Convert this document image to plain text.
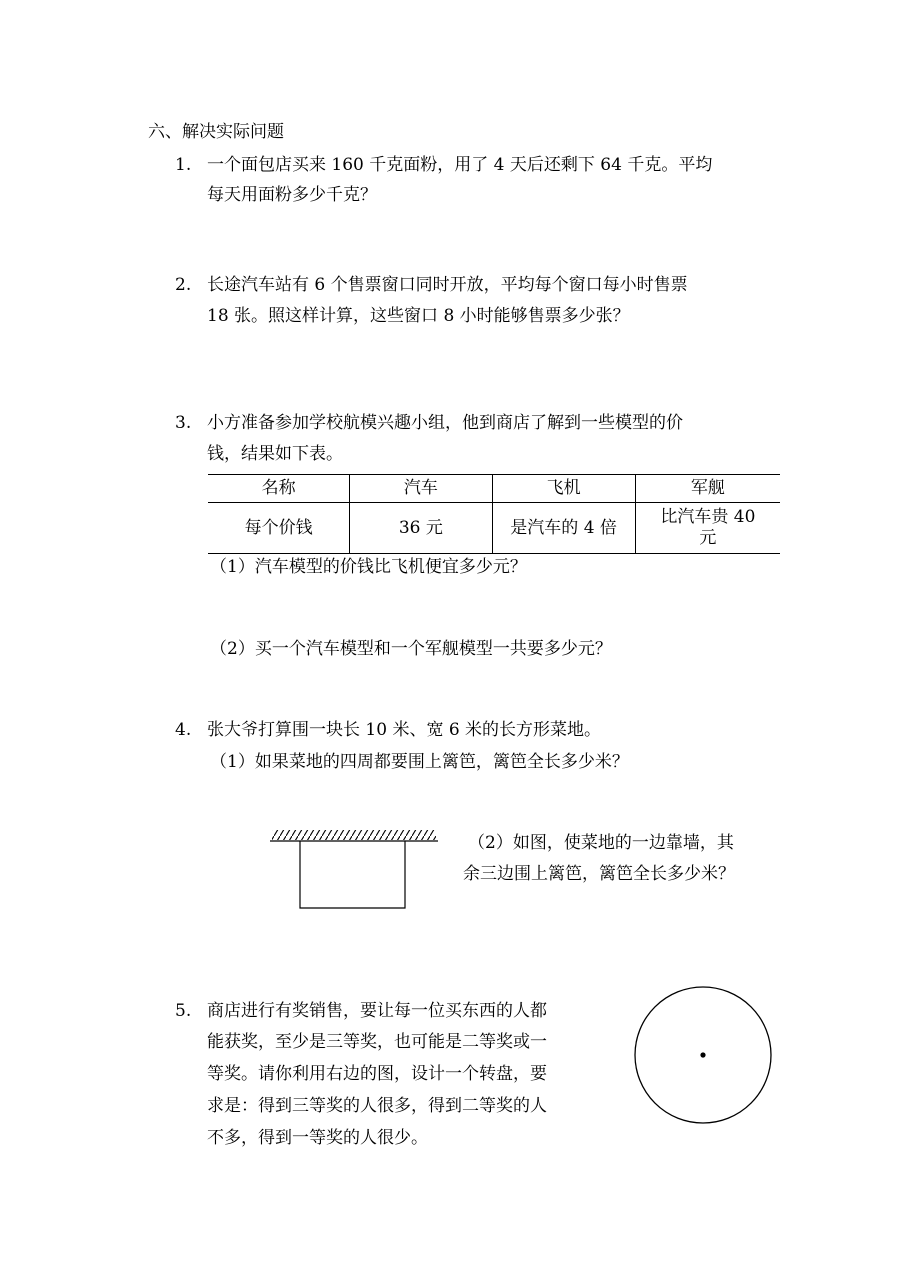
六、解决实际问题
1. 一个面包店买来 160 千克面粉，用了 4 天后还剩下 64 千克。平均
每天用面粉多少千克？
2. 长途汽车站有 6 个售票窗口同时开放，平均每个窗口每小时售票
18 张。照这样计算，这些窗口 8 小时能够售票多少张？
3. 小方准备参加学校航模兴趣小组，他到商店了解到一些模型的价
钱，结果如下表。
名称	汽车	飞机	军舰
每个价钱	36 元	是汽车的 4 倍	比汽车贵 40
元
（1）汽车模型的价钱比飞机便宜多少元？
（2）买一个汽车模型和一个军舰模型一共要多少元？
4. 张大爷打算围一块长 10 米、宽 6 米的长方形菜地。
（1）如果菜地的四周都要围上篱笆，篱笆全长多少米？
（2）如图，使菜地的一边靠墙，其
余三边围上篱笆，篱笆全长多少米？
5. 商店进行有奖销售，要让每一位买东西的人都
能获奖，至少是三等奖，也可能是二等奖或一
等奖。请你利用右边的图，设计一个转盘，要
求是：得到三等奖的人很多，得到二等奖的人
不多，得到一等奖的人很少。
